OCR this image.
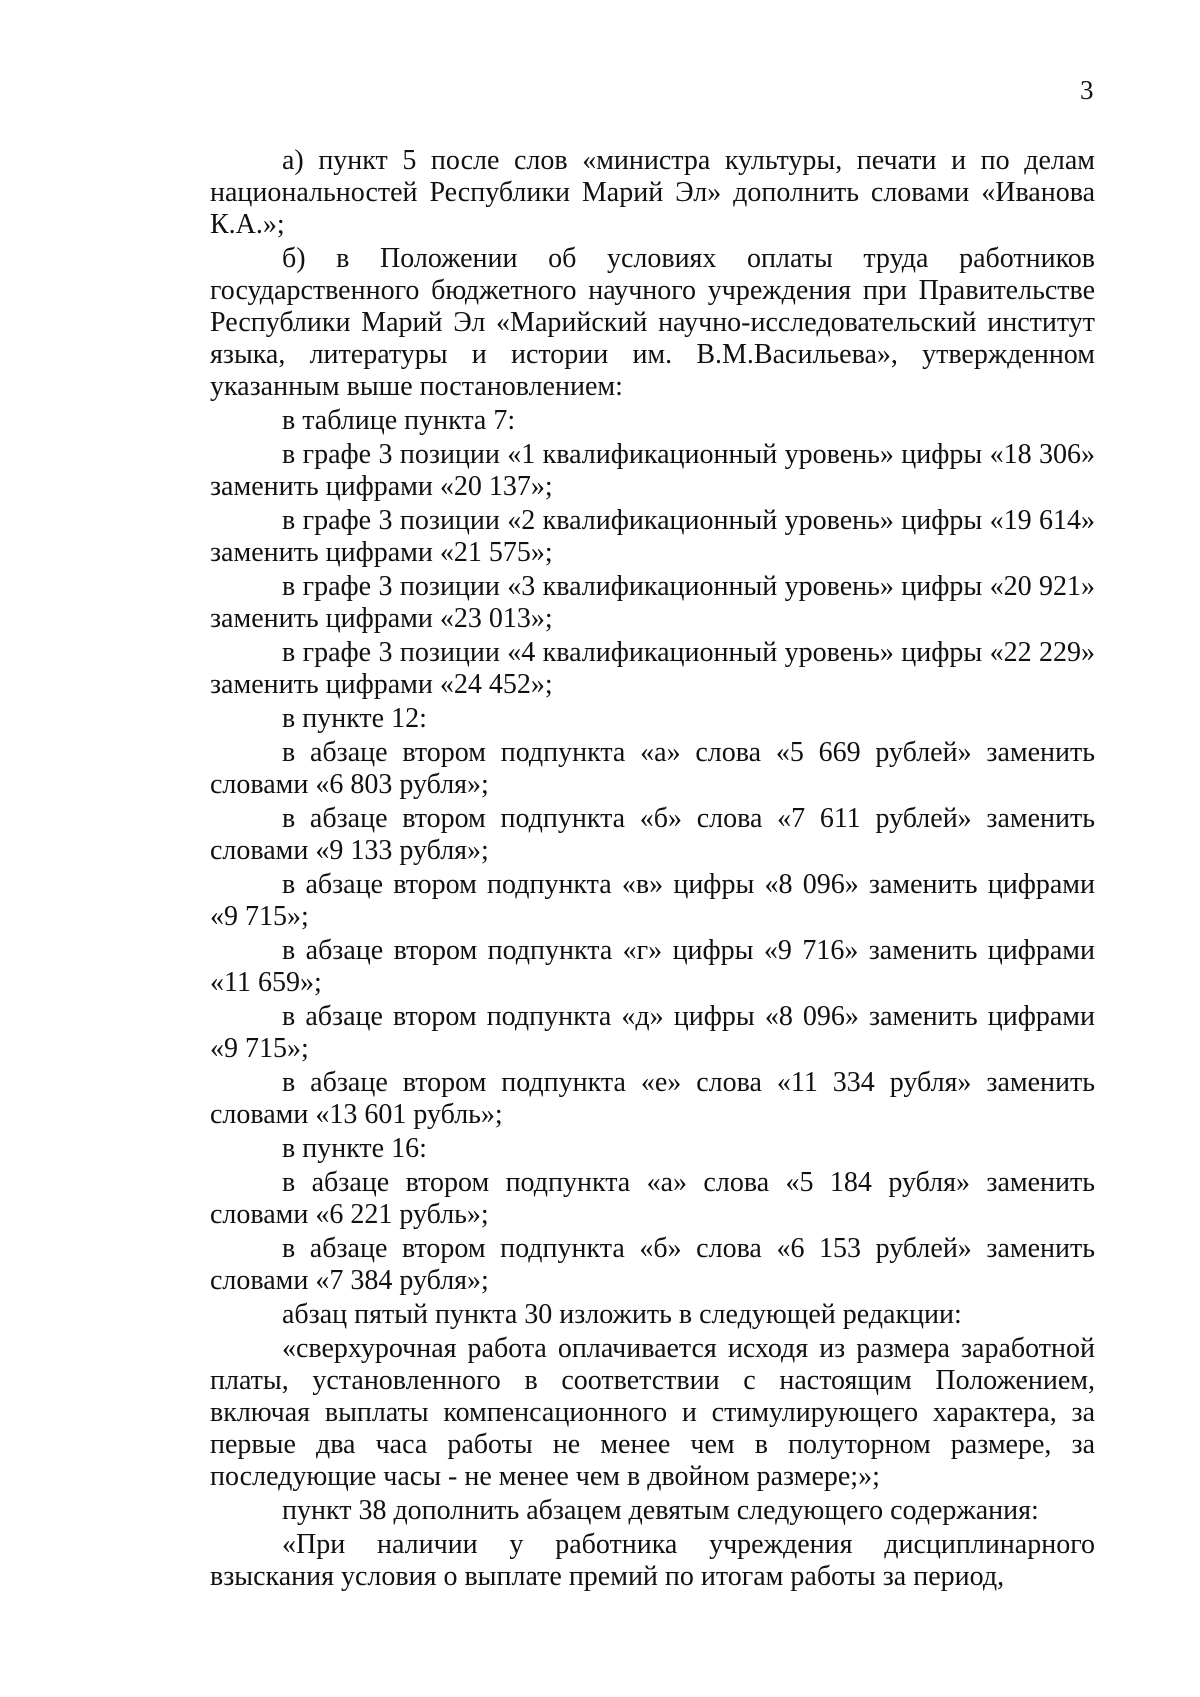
3

а) пункт 5 после слов «министра культуры, печати и по делам национальностей Республики Марий Эл» дополнить словами «Иванова К.А.»;

б) в Положении об условиях оплаты труда работников государственного бюджетного научного учреждения при Правительстве Республики Марий Эл «Марийский научно-исследовательский институт языка, литературы и истории им. В.М.Васильева», утвержденном указанным выше постановлением:

в таблице пункта 7:

в графе 3 позиции «1 квалификационный уровень» цифры «18 306» заменить цифрами «20 137»;

в графе 3 позиции «2 квалификационный уровень» цифры «19 614» заменить цифрами «21 575»;

в графе 3 позиции «3 квалификационный уровень» цифры «20 921» заменить цифрами «23 013»;

в графе 3 позиции «4 квалификационный уровень» цифры «22 229» заменить цифрами «24 452»;

в пункте 12:

в абзаце втором подпункта «а» слова «5 669 рублей» заменить словами «6 803 рубля»;

в абзаце втором подпункта «б» слова «7 611 рублей» заменить словами «9 133 рубля»;

в абзаце втором подпункта «в» цифры «8 096» заменить цифрами «9 715»;

в абзаце втором подпункта «г» цифры «9 716» заменить цифрами «11 659»;

в абзаце втором подпункта «д» цифры «8 096» заменить цифрами «9 715»;

в абзаце втором подпункта «е» слова «11 334 рубля» заменить словами «13 601 рубль»;

в пункте 16:

в абзаце втором подпункта «а» слова «5 184 рубля» заменить словами «6 221 рубль»;

в абзаце втором подпункта «б» слова «6 153 рублей» заменить словами «7 384 рубля»;

абзац пятый пункта 30 изложить в следующей редакции:

«сверхурочная работа оплачивается исходя из размера заработной платы, установленного в соответствии с настоящим Положением, включая выплаты компенсационного и стимулирующего характера, за первые два часа работы не менее чем в полуторном размере, за последующие часы - не менее чем в двойном размере;»;

пункт 38 дополнить абзацем девятым следующего содержания:

«При наличии у работника учреждения дисциплинарного взыскания условия о выплате премий по итогам работы за период,
